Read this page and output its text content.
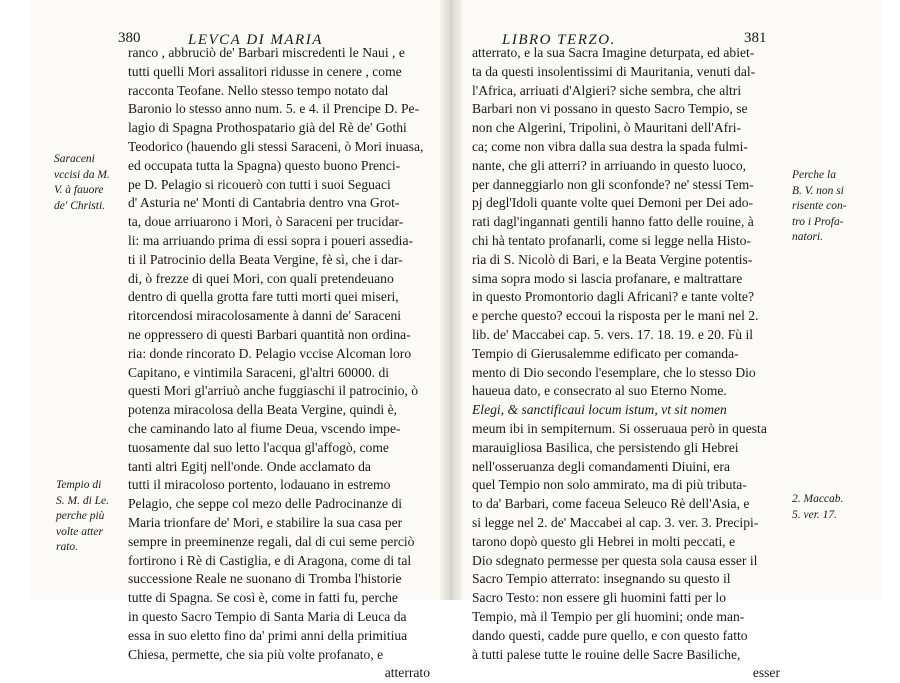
380	LEVCA DI MARIA
Saraceni
vccisi da M.
V. à fauore
de' Christi.
Tempio di
S. M. di Le.
perche più
volte atter
rato.
ranco , abbruciò de' Barbari miscredenti le Naui , e
tutti quelli Mori assalitori ridusse in cenere , come
racconta Teofane. Nello stesso tempo notato dal
Baronio lo stesso anno num. 5. e 4. il Prencipe D. Pe-
lagio di Spagna Prothospatario già del Rè de' Gothi
Teodorico (hauendo gli stessi Saraceni, ò Mori inuasa,
ed occupata tutta la Spagna) questo buono Prenci-
pe D. Pelagio si ricouerò con tutti i suoi Seguaci
d' Asturia ne' Monti di Cantabria dentro vna Grot-
ta, doue arriuarono i Mori, ò Saraceni per trucidar-
li: ma arriuando prima di essi sopra i poueri assedia-
ti il Patrocinio della Beata Vergine, fè sì, che i dar-
di, ò frezze di quei Mori, con quali pretendeuano
dentro di quella grotta fare tutti morti quei miseri,
ritorcendosi miracolosamente à danni de' Saraceni
ne oppressero di questi Barbari quantità non ordina-
ria: donde rincorato D. Pelagio vccise Alcoman loro
Capitano, e vintimila Saraceni, gl'altri 60000. di
questi Mori gl'arriuò anche fuggiaschi il patrocinio, ò
potenza miracolosa della Beata Vergine, quindi è,
che caminando lato al fiume Deua, vscendo impe-
tuosamente dal suo letto l'acqua gl'affogò, come
tanti altri Egitj nell'onde. Onde acclamato da
tutti il miracoloso portento, lodauano in estremo
Pelagio, che seppe col mezo delle Padrocinanze di
Maria trionfare de' Mori, e stabilire la sua casa per
sempre in preeminenze regali, dal di cui seme perciò
fortirono i Rè di Castiglia, e di Aragona, come di tal
successione Reale ne suonano di Tromba l'historie
tutte di Spagna. Se così è, come in fatti fu, perche
in questo Sacro Tempio di Santa Maria di Leuca da
essa in suo eletto fino da' primi anni della primitiua
Chiesa, permette, che sia più volte profanato, e
atterrato
LIBRO TERZO.	381
atterrato, e la sua Sacra Imagine deturpata, ed abiet-
ta da questi insolentissimi di Mauritania, venuti dal-
l'Africa, arriuati d'Algieri? siche sembra, che altri
Barbari non vi possano in questo Sacro Tempio, se
non che Algerini, Tripolini, ò Mauritani dell'Afri-
ca; come non vibra dalla sua destra la spada fulmi-
nante, che gli atterri? in arriuando in questo luoco,
per danneggiarlo non gli sconfonde? ne' stessi Tem-
pj degl'Idoli quante volte quei Demoni per Dei ado-
rati dagl'ingannati gentili hanno fatto delle rouine, à
chi hà tentato profanarli, come si legge nella Histo-
ria di S. Nicolò di Bari, e la Beata Vergine potentis-
sima sopra modo si lascia profanare, e maltrattare
in questo Promontorio dagli Africani? e tante volte?
e perche questo? eccoui la risposta per le mani nel 2.
lib. de' Maccabei cap. 5. vers. 17. 18. 19. e 20. Fù il
Tempio di Gierusalemme edificato per comanda-
mento di Dio secondo l'esemplare, che lo stesso Dio
haueua dato, e consecrato al suo Eterno Nome.
Elegi, & sanctificaui locum istum, vt sit nomen
meum ibi in sempiternum. Si osseruaua però in questa
marauigliosa Basilica, che persistendo gli Hebrei
nell'osseruanza degli comandamenti Diuini, era
quel Tempio non solo ammirato, ma di più tributa-
to da' Barbari, come faceua Seleuco Rè dell'Asia, e
si legge nel 2. de' Maccabei al cap. 3. ver. 3. Precipi-
tarono dopò questo gli Hebrei in molti peccati, e
Dio sdegnato permesse per questa sola causa esser il
Sacro Tempio atterrato: insegnando su questo il
Sacro Testo: non essere gli huomini fatti per lo
Tempio, mà il Tempio per gli huomini; onde man-
dando questi, cadde pure quello, e con questo fatto
à tutti palese tutte le rouine delle Sacre Basiliche,
esser
Perche la
B. V. non si
risente con-
tro i Profa-
natori.
2. Maccab.
5. ver. 17.
